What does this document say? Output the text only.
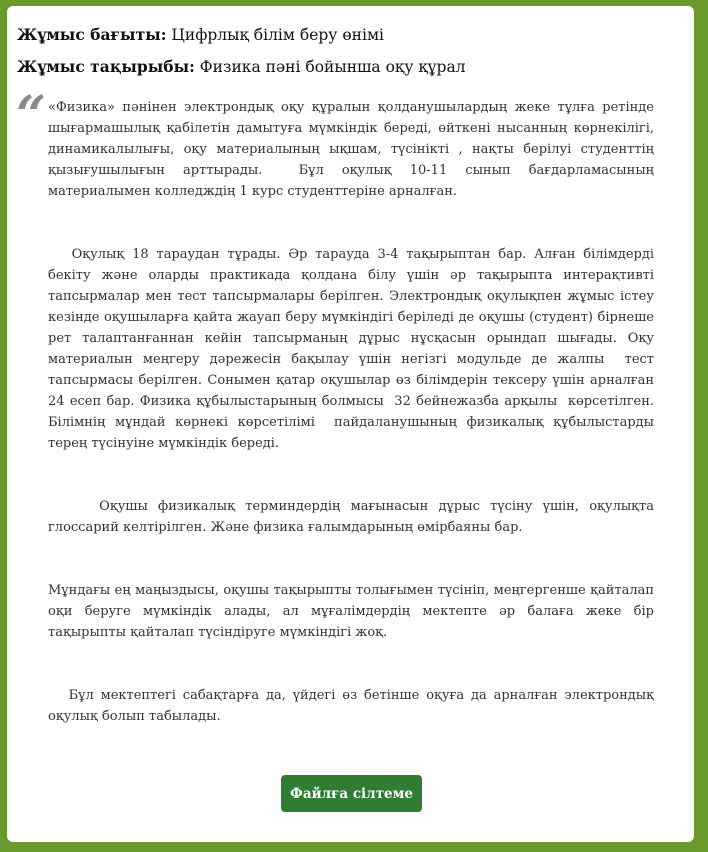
Жұмыс бағыты: Цифрлық білім беру өнімі
Жұмыс тақырыбы: Физика пәні бойынша оқу құрал
“

«Физика» пәнінен электрондық оқу құралын қолданушылардың жеке тұлға ретінде шығармашылық қабілетін дамытуға мүмкіндік береді, өйткені нысанның көрнекілігі, динамикалылығы, оқу материалының ықшам, түсінікті , нақты берілуі студенттің қызығушылығын арттырады.  Бұл оқулық 10-11 сынып бағдарламасының материалымен колледждің 1 курс студенттеріне арналған.

Оқулық 18 тараудан тұрады. Әр тарауда 3-4 тақырыптан бар. Алған білімдерді    бекіту және оларды практикада қолдана білу үшін әр тақырыпта интерақтивті тапсырмалар мен тест тапсырмалары берілген. Электрондық оқулықпен жұмыс істеу кезінде оқушыларға қайта жауап беру мүмкіндігі беріледі де оқушы (студент) бірнеше рет талаптанғаннан кейін тапсырманың дұрыс нұсқасын орындап шығады. Оқу материалын меңгеру дәрежесін бақылау үшін негізгі модульде де жалпы  тест тапсырмасы берілген. Сонымен қатар оқушылар өз білімдерін тексеру үшін арналған 24 есеп бар. Физика құбылыстарының болмысы  32 бейнежазба арқылы  көрсетілген. Білімнің мұндай көрнекі көрсетілімі  пайдаланушының физикалық құбылыстарды терең түсінуіне мүмкіндік береді.

Оқушы физикалық терминдердің мағынасын дұрыс түсіну үшін, оқулықта глоссарий келтірілген. Және физика ғалымдарының өмірбаяны бар.

Мұндағы ең маңыздысы, оқушы тақырыпты толығымен түсініп, меңгергенше қайталап оқи беруге мүмкіндік алады, ал мұғалімдердің мектепте әр балаға жеке бір тақырыпты қайталап түсіндіруге мүмкіндігі жоқ.

Бұл мектептегі сабақтарға да, үйдегі өз бетінше оқуға да арналған электрондық оқулық болып табылады.

Файлға сілтеме
